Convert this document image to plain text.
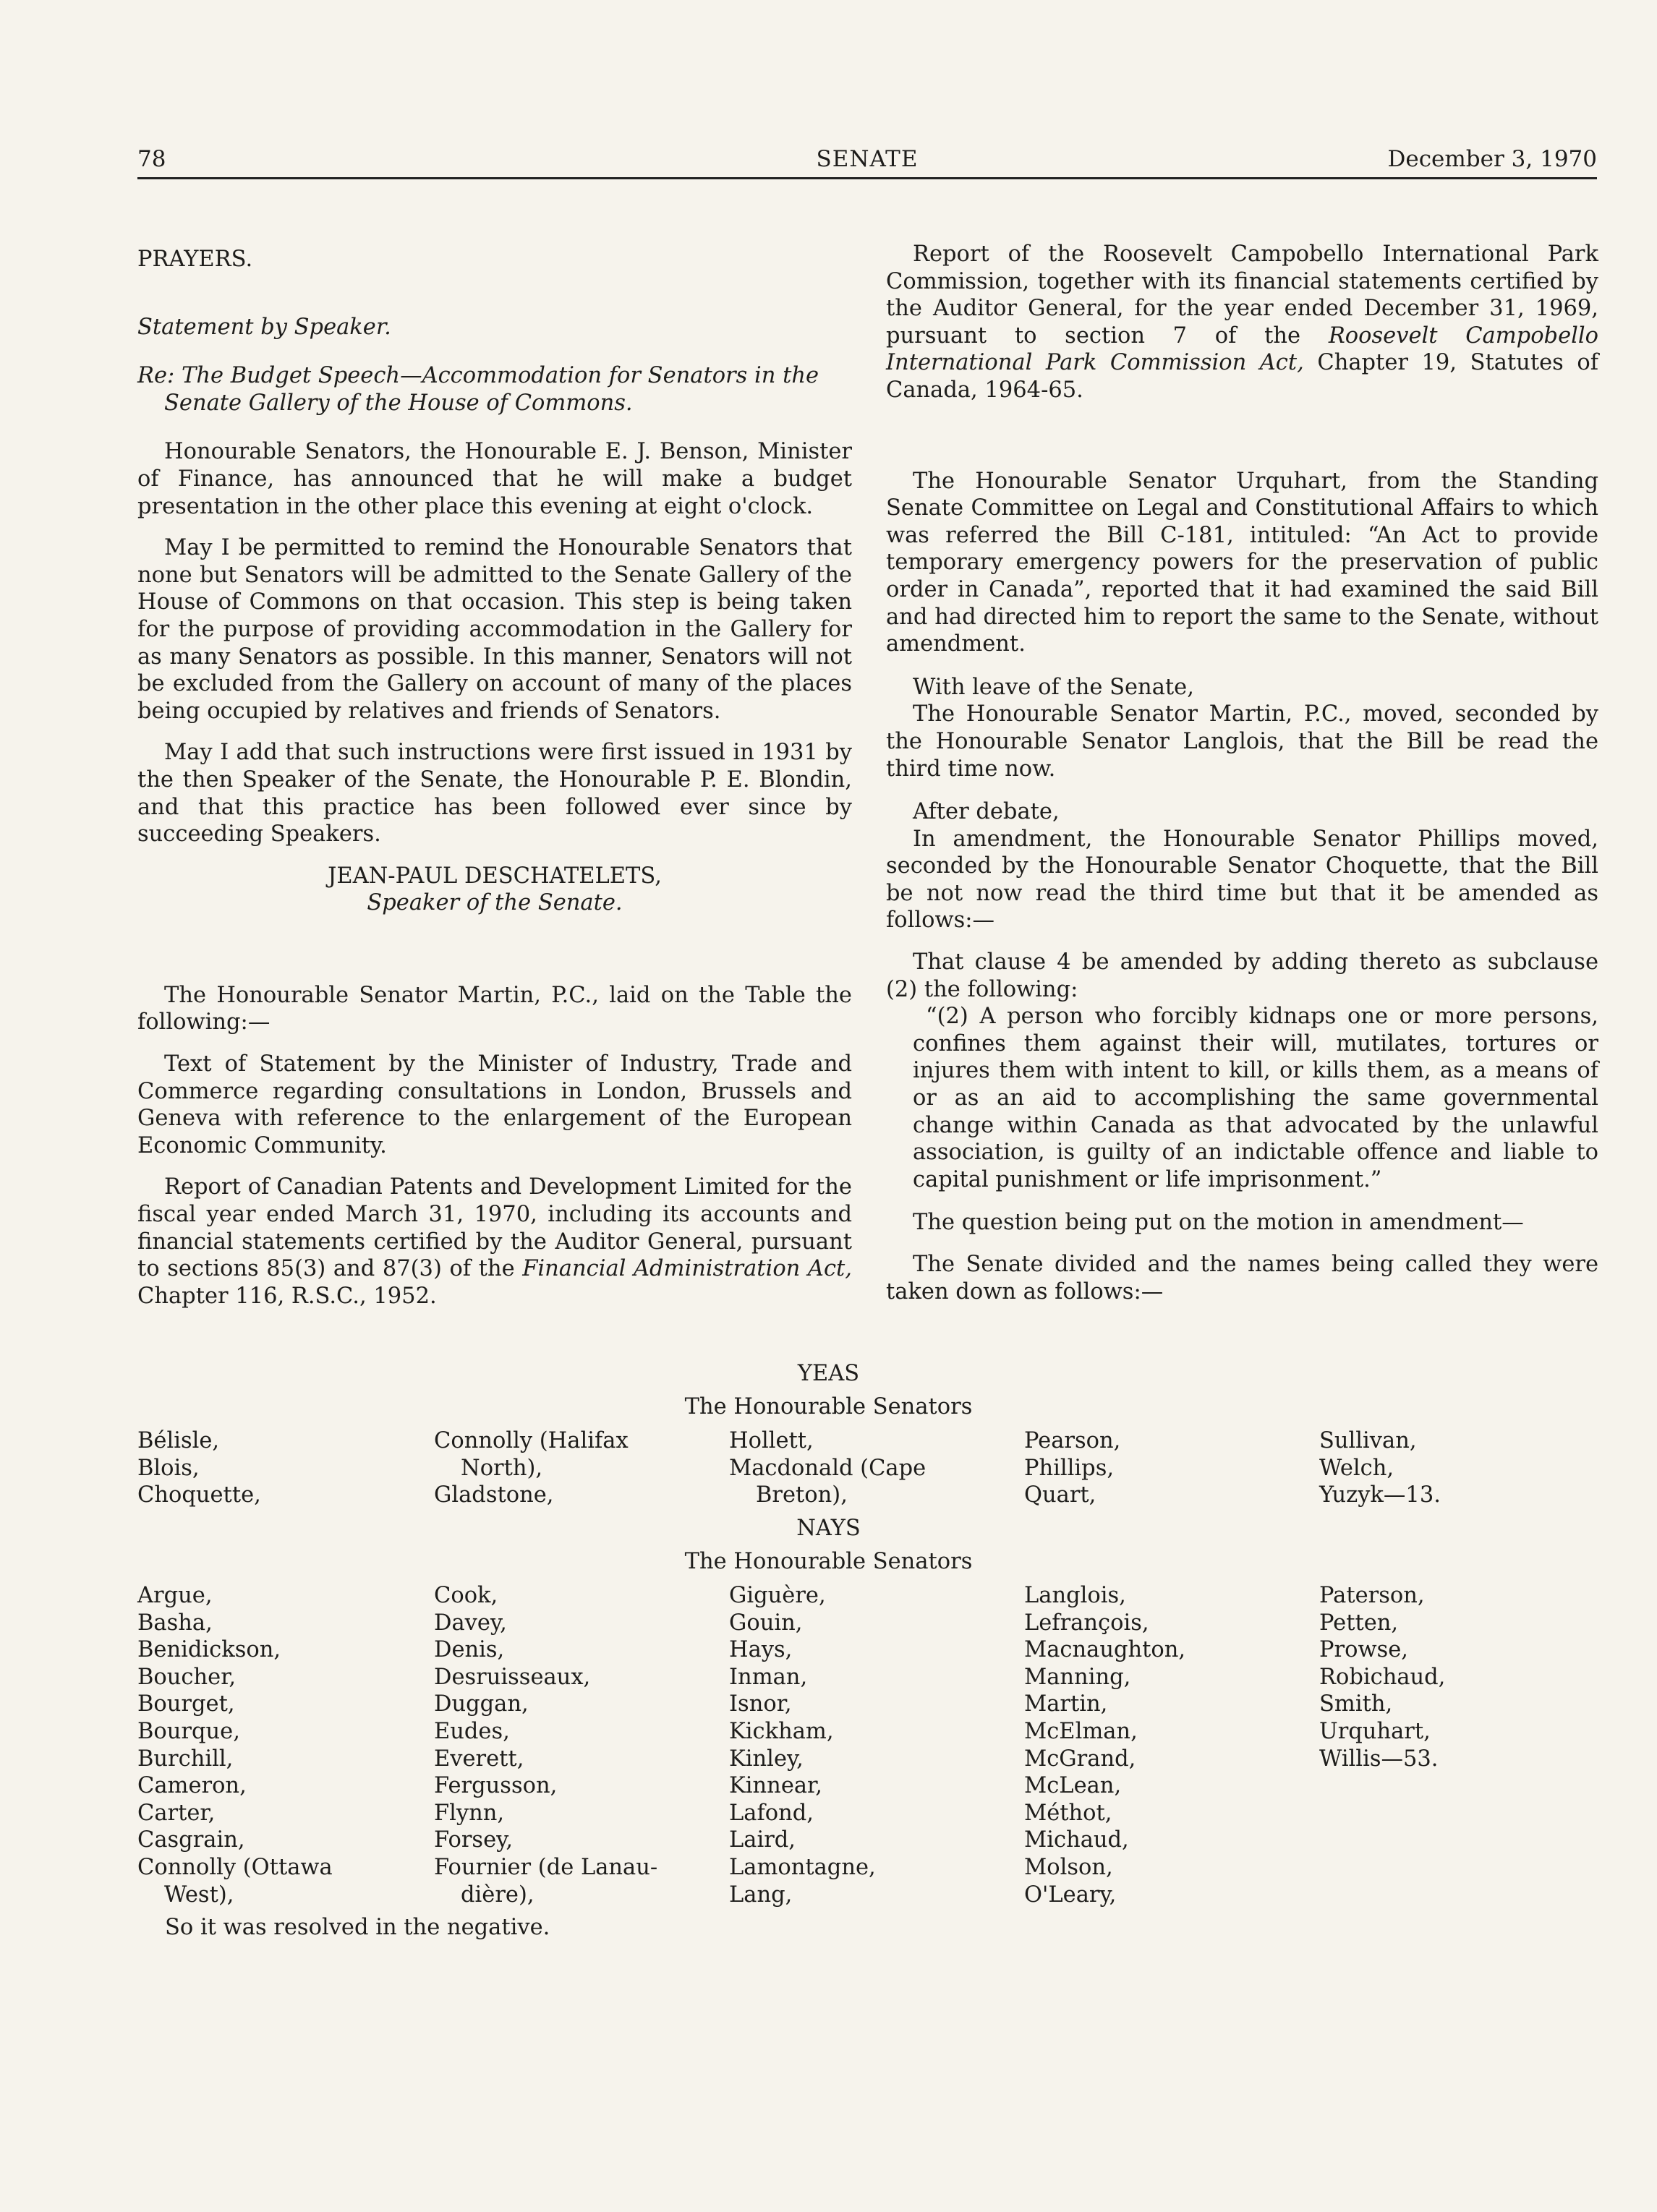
78	SENATE	December 3, 1970

PRAYERS.

Statement by Speaker.

Re: The Budget Speech—Accommodation for Senators in the Senate Gallery of the House of Commons.

Honourable Senators, the Honourable E. J. Benson, Minister of Finance, has announced that he will make a budget presentation in the other place this evening at eight o'clock.

May I be permitted to remind the Honourable Senators that none but Senators will be admitted to the Senate Gallery of the House of Commons on that occasion. This step is being taken for the purpose of providing accommodation in the Gallery for as many Senators as possible. In this manner, Senators will not be excluded from the Gallery on account of many of the places being occupied by relatives and friends of Senators.

May I add that such instructions were first issued in 1931 by the then Speaker of the Senate, the Honourable P. E. Blondin, and that this practice has been followed ever since by succeeding Speakers.

JEAN-PAUL DESCHATELETS,

Speaker of the Senate.

The Honourable Senator Martin, P.C., laid on the Table the following:—

Text of Statement by the Minister of Industry, Trade and Commerce regarding consultations in London, Brussels and Geneva with reference to the enlargement of the European Economic Community.

Report of Canadian Patents and Development Limited for the fiscal year ended March 31, 1970, including its accounts and financial statements certified by the Auditor General, pursuant to sections 85(3) and 87(3) of the Financial Administration Act, Chapter 116, R.S.C., 1952.

Report of the Roosevelt Campobello International Park Commission, together with its financial statements certified by the Auditor General, for the year ended December 31, 1969, pursuant to section 7 of the Roosevelt Campobello International Park Commission Act, Chapter 19, Statutes of Canada, 1964-65.

The Honourable Senator Urquhart, from the Standing Senate Committee on Legal and Constitutional Affairs to which was referred the Bill C-181, intituled: “An Act to provide temporary emergency powers for the preservation of public order in Canada”, reported that it had examined the said Bill and had directed him to report the same to the Senate, without amendment.

With leave of the Senate,

The Honourable Senator Martin, P.C., moved, seconded by the Honourable Senator Langlois, that the Bill be read the third time now.

After debate,

In amendment, the Honourable Senator Phillips moved, seconded by the Honourable Senator Choquette, that the Bill be not now read the third time but that it be amended as follows:—

That clause 4 be amended by adding thereto as subclause (2) the following:

“(2) A person who forcibly kidnaps one or more persons, confines them against their will, mutilates, tortures or injures them with intent to kill, or kills them, as a means of or as an aid to accomplishing the same governmental change within Canada as that advocated by the unlawful association, is guilty of an indictable offence and liable to capital punishment or life imprisonment.”

The question being put on the motion in amendment—

The Senate divided and the names being called they were taken down as follows:—

YEAS
The Honourable Senators
Bélisle,
Blois,
Choquette,
Connolly (Halifax
North),
Gladstone,
Hollett,
Macdonald (Cape
Breton),
Pearson,
Phillips,
Quart,
Sullivan,
Welch,
Yuzyk—13.
NAYS
The Honourable Senators
Argue,
Basha,
Benidickson,
Boucher,
Bourget,
Bourque,
Burchill,
Cameron,
Carter,
Casgrain,
Connolly (Ottawa
West),
Cook,
Davey,
Denis,
Desruisseaux,
Duggan,
Eudes,
Everett,
Fergusson,
Flynn,
Forsey,
Fournier (de Lanau-
dière),
Giguère,
Gouin,
Hays,
Inman,
Isnor,
Kickham,
Kinley,
Kinnear,
Lafond,
Laird,
Lamontagne,
Lang,
Langlois,
Lefrançois,
Macnaughton,
Manning,
Martin,
McElman,
McGrand,
McLean,
Méthot,
Michaud,
Molson,
O'Leary,
Paterson,
Petten,
Prowse,
Robichaud,
Smith,
Urquhart,
Willis—53.
So it was resolved in the negative.
